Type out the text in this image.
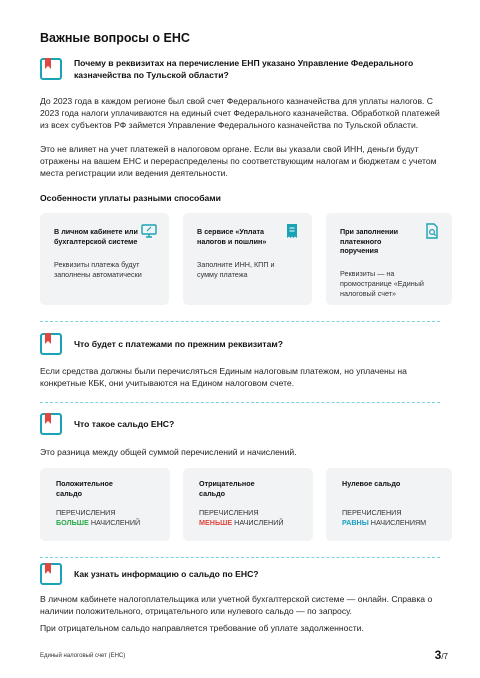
Важные вопросы о ЕНС
Почему в реквизитах на перечисление ЕНП указано Управление Федерального казначейства по Тульской области?
До 2023 года в каждом регионе был свой счет Федерального казначейства для уплаты налогов. С 2023 года налоги уплачиваются на единый счет Федерального казначейства. Обработкой платежей из всех субъектов РФ займется Управление Федерального казначейства по Тульской области.
Это не влияет на учет платежей в налоговом органе. Если вы указали свой ИНН, деньги будут отражены на вашем ЕНС и перераспределены по соответствующим налогам и бюджетам с учетом места регистрации или ведения деятельности.
Особенности уплаты разными способами
В личном кабинете или бухгалтерской системе
Реквизиты платежа будут заполнены автоматически
В сервисе «Уплата налогов и пошлин»
Заполните ИНН, КПП и сумму платежа
При заполнении платежного поручения
Реквизиты — на промостранице «Единый налоговый счет»
Что будет с платежами по прежним реквизитам?
Если средства должны были перечисляться Единым налоговым платежом, но уплачены на конкретные КБК, они учитываются на Едином налоговом счете.
Что такое сальдо ЕНС?
Это разница между общей суммой перечислений и начислений.
Положительное сальдо
ПЕРЕЧИСЛЕНИЯ
БОЛЬШЕ НАЧИСЛЕНИЙ
Отрицательное сальдо
ПЕРЕЧИСЛЕНИЯ
МЕНЬШЕ НАЧИСЛЕНИЙ
Нулевое сальдо
ПЕРЕЧИСЛЕНИЯ
РАВНЫ НАЧИСЛЕНИЯМ
Как узнать информацию о сальдо по ЕНС?
В личном кабинете налогоплательщика или учетной бухгалтерской системе — онлайн. Справка о наличии положительного, отрицательного или нулевого сальдо — по запросу.
При отрицательном сальдо направляется требование об уплате задолженности.
Единый налоговый счет (ЕНС)	3/7
